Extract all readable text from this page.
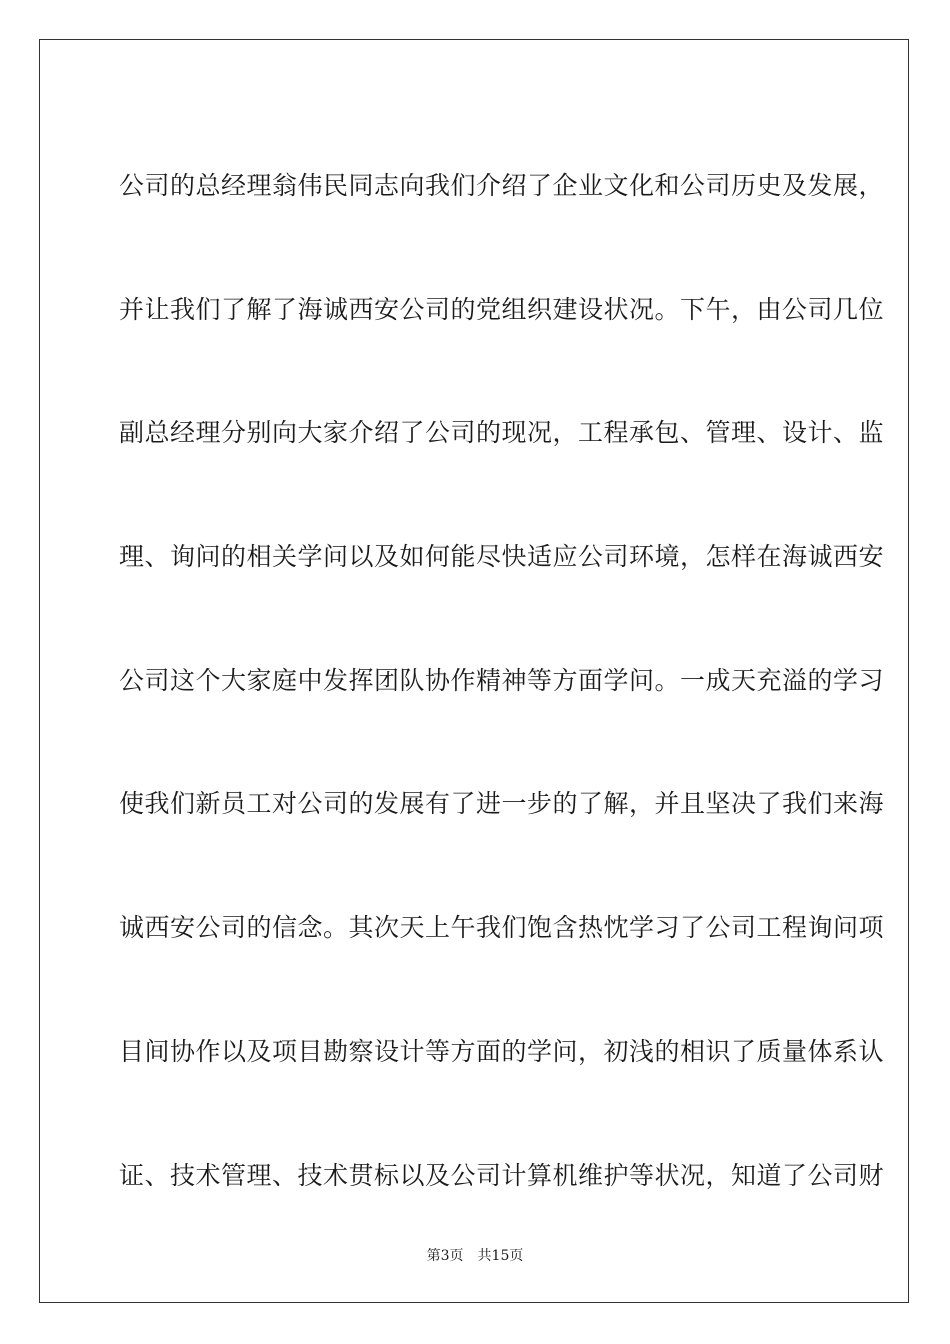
公司的总经理翁伟民同志向我们介绍了企业文化和公司历史及发展，
并让我们了解了海诚西安公司的党组织建设状况。下午，由公司几位
副总经理分别向大家介绍了公司的现况，工程承包、管理、设计、监
理、询问的相关学问以及如何能尽快适应公司环境，怎样在海诚西安
公司这个大家庭中发挥团队协作精神等方面学问。一成天充溢的学习
使我们新员工对公司的发展有了进一步的了解，并且坚决了我们来海
诚西安公司的信念。其次天上午我们饱含热忱学习了公司工程询问项
目间协作以及项目勘察设计等方面的学问，初浅的相识了质量体系认
证、技术管理、技术贯标以及公司计算机维护等状况，知道了公司财
第3页 共15页
